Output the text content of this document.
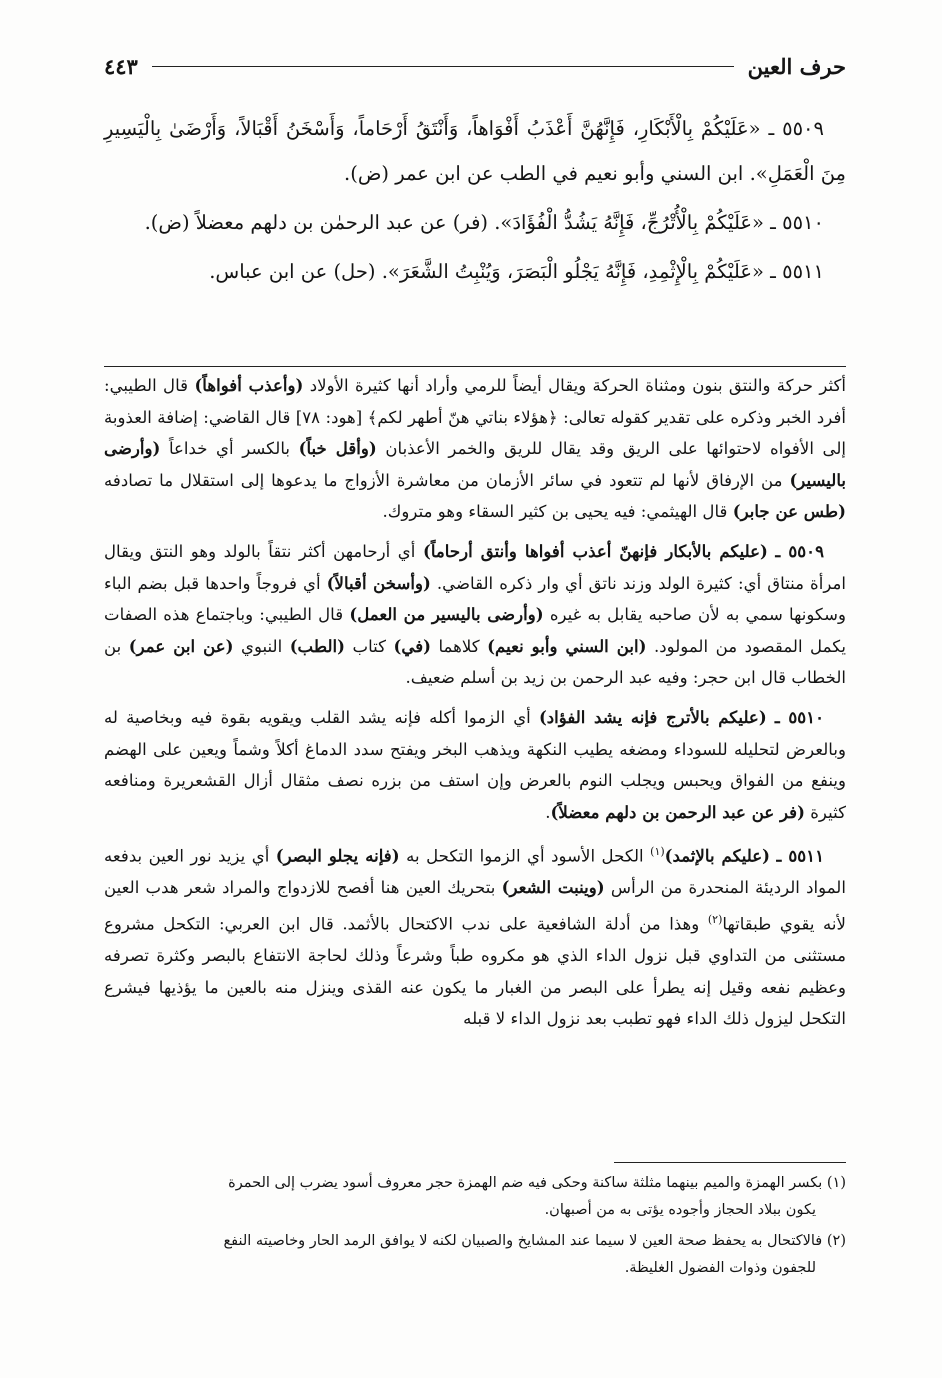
حرف العين
٤٤٣

٥٥٠٩ ـ «عَلَيْكُمْ بِالْأَبْكَارِ، فَإِنَّهُنَّ أَعْذَبُ أَفْوَاهاً، وَأَنْتَقُ أَرْحَاماً، وَأَسْخَنُ أَقْبَالاً، وَأَرْضَىٰ بِالْيَسِيرِ مِنَ الْعَمَلِ». ابن السني وأبو نعيم في الطب عن ابن عمر (ض).

٥٥١٠ ـ «عَلَيْكُمْ بِالْأُتْرُجِّ، فَإِنَّهُ يَشُدُّ الْفُؤَادَ». (فر) عن عبد الرحمٰن بن دلهم معضلاً (ض).

٥٥١١ ـ «عَلَيْكُمْ بِالْإِثْمِدِ، فَإِنَّهُ يَجْلُو الْبَصَرَ، وَيُنْبِتُ الشَّعَرَ». (حل) عن ابن عباس.

أكثر حركة والنتق بنون ومثناة الحركة ويقال أيضاً للرمي وأراد أنها كثيرة الأولاد (وأعذب أفواهاً) قال الطيبي: أفرد الخبر وذكره على تقدير كقوله تعالى: ﴿هؤلاء بناتي هنّ أطهر لكم﴾ [هود: ٧٨] قال القاضي: إضافة العذوبة إلى الأفواه لاحتوائها على الريق وقد يقال للريق والخمر الأعذبان (وأقل خباً) بالكسر أي خداعاً (وأرضى باليسير) من الإرفاق لأنها لم تتعود في سائر الأزمان من معاشرة الأزواج ما يدعوها إلى استقلال ما تصادفه (طس عن جابر) قال الهيثمي: فيه يحيى بن كثير السقاء وهو متروك.

٥٥٠٩ ـ (عليكم بالأبكار فإنهنّ أعذب أفواها وأنتق أرحاماً) أي أرحامهن أكثر نتقاً بالولد وهو النتق ويقال امرأة منتاق أي: كثيرة الولد وزند ناتق أي وار ذكره القاضي. (وأسخن أقبالاً) أي فروجاً واحدها قبل بضم الباء وسكونها سمي به لأن صاحبه يقابل به غيره (وأرضى باليسير من العمل) قال الطيبي: وباجتماع هذه الصفات يكمل المقصود من المولود. (ابن السني وأبو نعيم) كلاهما (في) كتاب (الطب) النبوي (عن ابن عمر) بن الخطاب قال ابن حجر: وفيه عبد الرحمن بن زيد بن أسلم ضعيف.

٥٥١٠ ـ (عليكم بالأترج فإنه يشد الفؤاد) أي الزموا أكله فإنه يشد القلب ويقويه بقوة فيه وبخاصية له وبالعرض لتحليله للسوداء ومضغه يطيب النكهة ويذهب البخر ويفتح سدد الدماغ أكلاً وشماً ويعين على الهضم وينفع من الفواق ويحبس ويجلب النوم بالعرض وإن استف من بزره نصف مثقال أزال القشعريرة ومنافعه كثيرة (فر عن عبد الرحمن بن دلهم معضلاً).

٥٥١١ ـ (عليكم بالإثمد)$^{(١)}$ الكحل الأسود أي الزموا التكحل به (فإنه يجلو البصر) أي يزيد نور العين بدفعه المواد الرديئة المنحدرة من الرأس (وينبت الشعر) بتحريك العين هنا أفصح للازدواج والمراد شعر هدب العين لأنه يقوي طبقاتها$^{(٢)}$ وهذا من أدلة الشافعية على ندب الاكتحال بالأثمد. قال ابن العربي: التكحل مشروع مستثنى من التداوي قبل نزول الداء الذي هو مكروه طباً وشرعاً وذلك لحاجة الانتفاع بالبصر وكثرة تصرفه وعظيم نفعه وقيل إنه يطرأ على البصر من الغبار ما يكون عنه القذى وينزل منه بالعين ما يؤذيها فيشرع التكحل ليزول ذلك الداء فهو تطبب بعد نزول الداء لا قبله

(١) بكسر الهمزة والميم بينهما مثلثة ساكنة وحكى فيه ضم الهمزة حجر معروف أسود يضرب إلى الحمرة
يكون ببلاد الحجاز وأجوده يؤتى به من أصبهان.

(٢) فالاكتحال به يحفظ صحة العين لا سيما عند المشايخ والصبيان لكنه لا يوافق الرمد الحار وخاصيته النفع
للجفون وذوات الفضول الغليظة.
